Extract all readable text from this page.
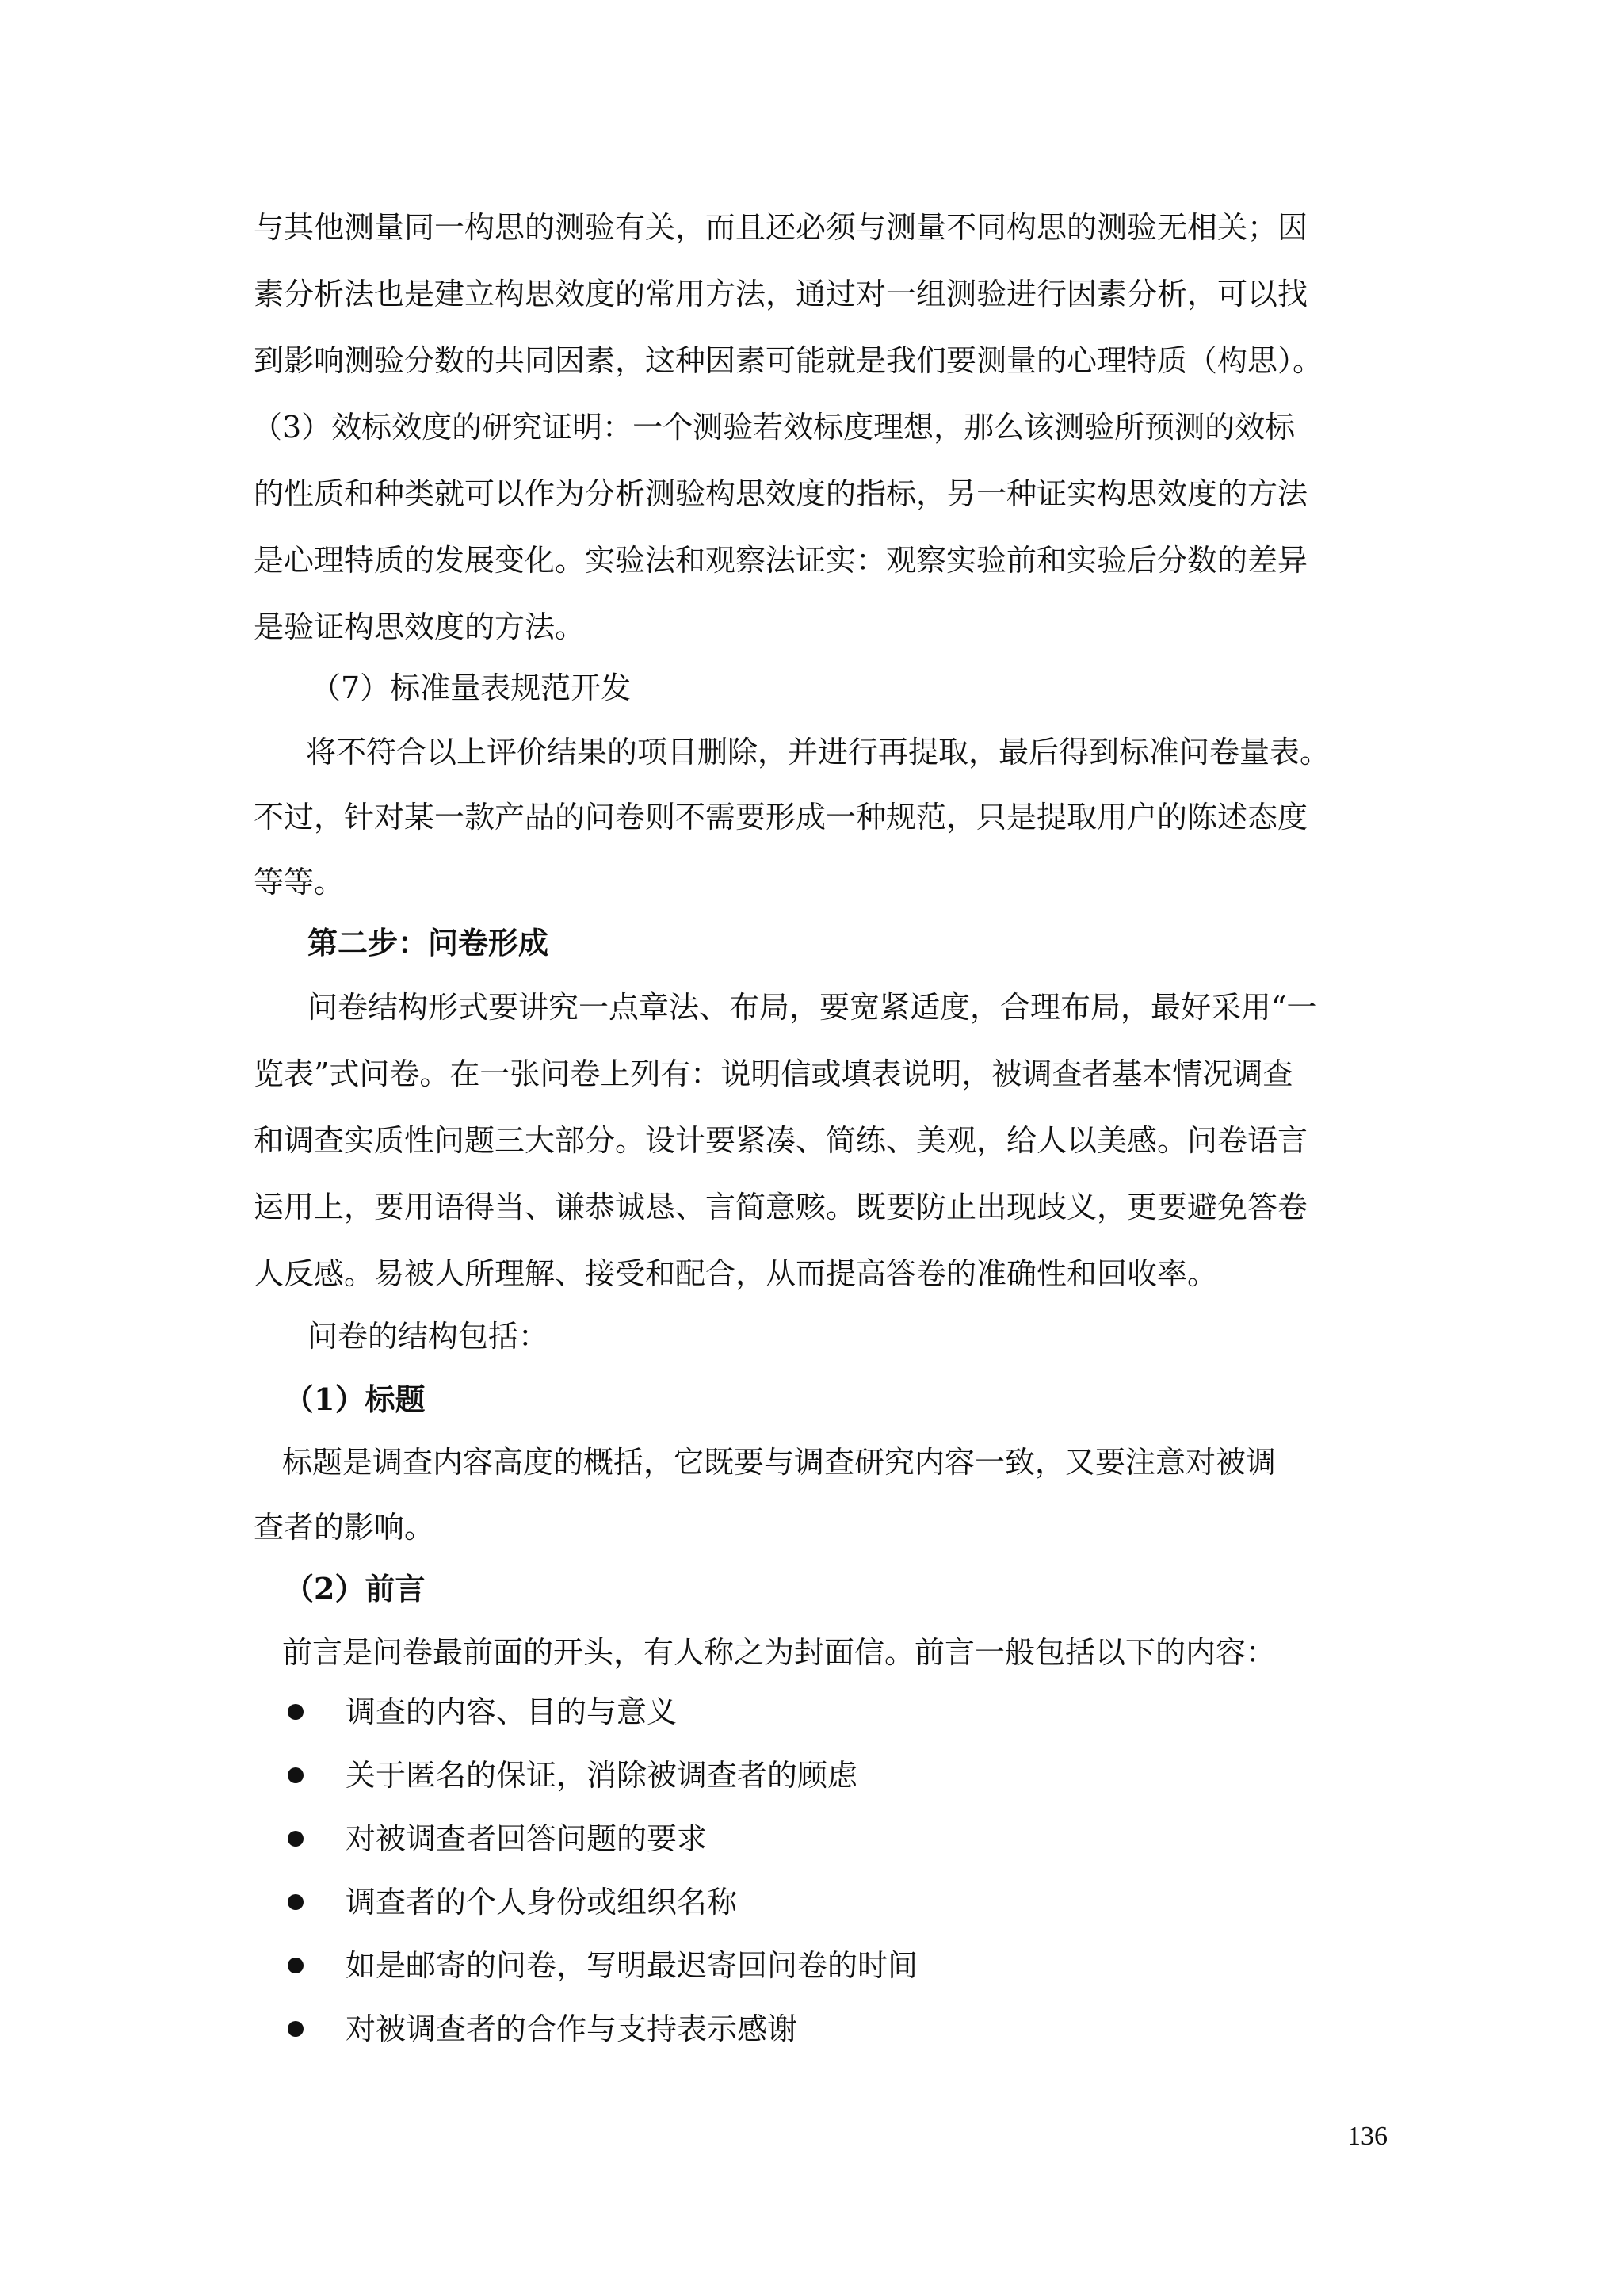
与其他测量同一构思的测验有关，而且还必须与测量不同构思的测验无相关；因
素分析法也是建立构思效度的常用方法，通过对一组测验进行因素分析，可以找
到影响测验分数的共同因素，这种因素可能就是我们要测量的心理特质（构思）。
（3）效标效度的研究证明：一个测验若效标度理想，那么该测验所预测的效标
的性质和种类就可以作为分析测验构思效度的指标，另一种证实构思效度的方法
是心理特质的发展变化。实验法和观察法证实：观察实验前和实验后分数的差异
是验证构思效度的方法。
（7）标准量表规范开发
将不符合以上评价结果的项目删除，并进行再提取，最后得到标准问卷量表。
不过，针对某一款产品的问卷则不需要形成一种规范，只是提取用户的陈述态度
等等。
第二步：问卷形成
问卷结构形式要讲究一点章法、布局，要宽紧适度，合理布局，最好采用“一
览表”式问卷。在一张问卷上列有：说明信或填表说明，被调查者基本情况调查
和调查实质性问题三大部分。设计要紧凑、简练、美观，给人以美感。问卷语言
运用上，要用语得当、谦恭诚恳、言简意赅。既要防止出现歧义，更要避免答卷
人反感。易被人所理解、接受和配合，从而提高答卷的准确性和回收率。
问卷的结构包括：
（1）标题
标题是调查内容高度的概括，它既要与调查研究内容一致，又要注意对被调
查者的影响。
（2）前言
前言是问卷最前面的开头，有人称之为封面信。前言一般包括以下的内容：
调查的内容、目的与意义
关于匿名的保证，消除被调查者的顾虑
对被调查者回答问题的要求
调查者的个人身份或组织名称
如是邮寄的问卷，写明最迟寄回问卷的时间
对被调查者的合作与支持表示感谢
136
